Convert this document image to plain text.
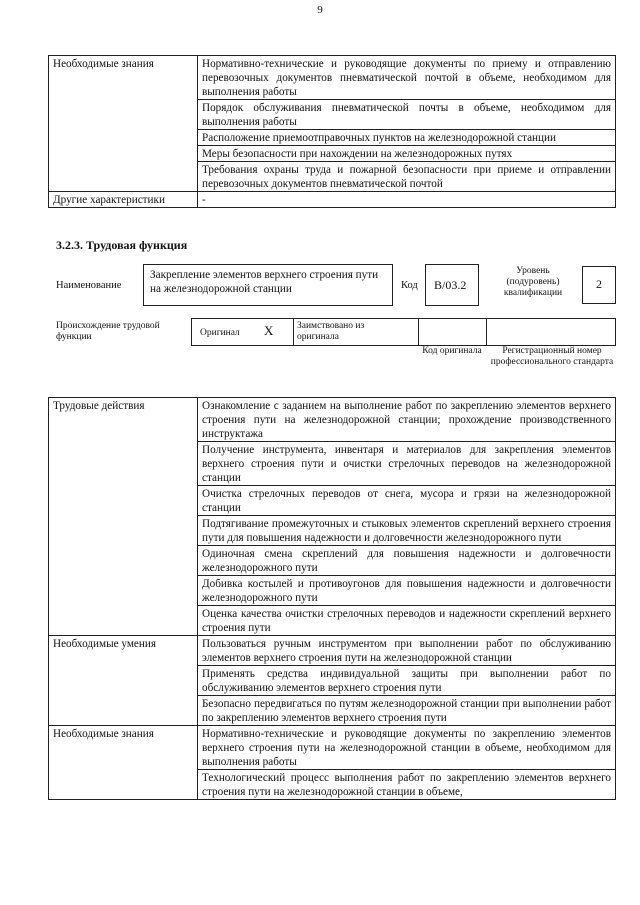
9
Необходимые знания	Нормативно-технические и руководящие документы по приему и отправлению перевозочных документов пневматической почтой в объеме, необходимом для выполнения работы
	Порядок обслуживания пневматической почты в объеме, необходимом для выполнения работы
	Расположение приемоотправочных пунктов на железнодорожной станции
	Меры безопасности при нахождении на железнодорожных путях
	Требования охраны труда и пожарной безопасности при приеме и отправлении перевозочных документов пневматической почтой
Другие характеристики	-
3.2.3. Трудовая функция
Наименование
Закрепление элементов верхнего строения пути на железнодорожной станции	Код	В/03.2
Уровень (подуровень) квалификации
2
Происхождение трудовой функции	Оригинал X Заимствовано из оригинала
Код оригинала	Регистрационный номер профессионального стандарта
Трудовые действия	Ознакомление с заданием на выполнение работ по закреплению элементов верхнего строения пути на железнодорожной станции; прохождение производственного инструктажа
	Получение инструмента, инвентаря и материалов для закрепления элементов верхнего строения пути и очистки стрелочных переводов на железнодорожной станции
	Очистка стрелочных переводов от снега, мусора и грязи на железнодорожной станции
	Подтягивание промежуточных и стыковых элементов скреплений верхнего строения пути для повышения надежности и долговечности железнодорожного пути
	Одиночная смена скреплений для повышения надежности и долговечности железнодорожного пути
	Добивка костылей и противоугонов для повышения надежности и долговечности железнодорожного пути
	Оценка качества очистки стрелочных переводов и надежности скреплений верхнего строения пути
Необходимые умения	Пользоваться ручным инструментом при выполнении работ по обслуживанию элементов верхнего строения пути на железнодорожной станции
	Применять средства индивидуальной защиты при выполнении работ по обслуживанию элементов верхнего строения пути
	Безопасно передвигаться по путям железнодорожной станции при выполнении работ по закреплению элементов верхнего строения пути
Необходимые знания	Нормативно-технические и руководящие документы по закреплению элементов верхнего строения пути на железнодорожной станции в объеме, необходимом для выполнения работы
	Технологический процесс выполнения работ по закреплению элементов верхнего строения пути на железнодорожной станции в объеме,
